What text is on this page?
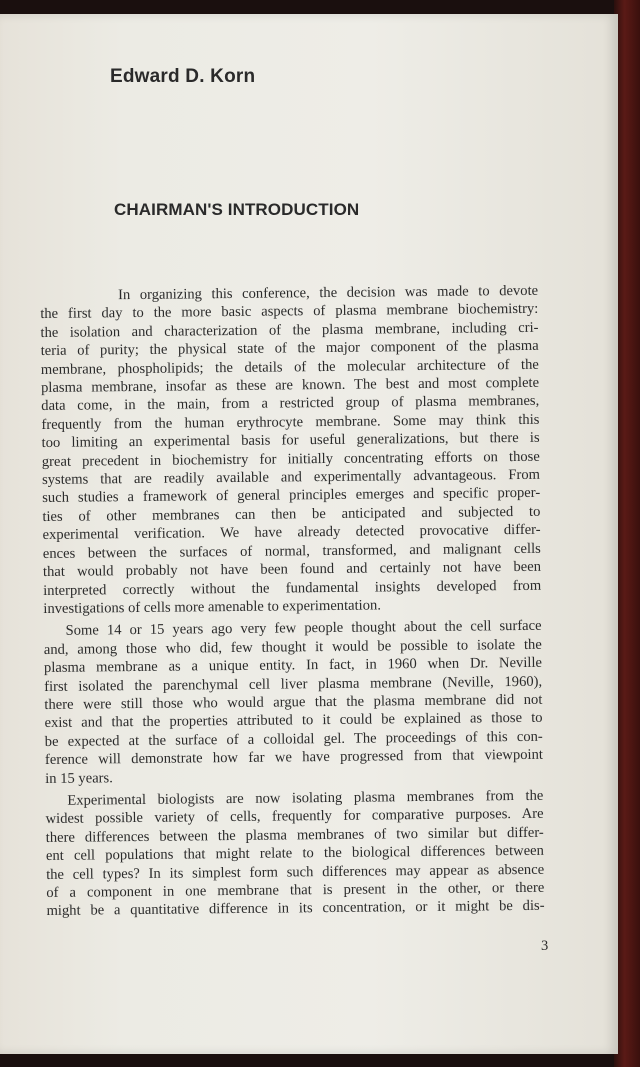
Edward D. Korn
CHAIRMAN'S INTRODUCTION
In organizing this conference, the decision was made to devote
the first day to the more basic aspects of plasma membrane biochemistry:
the isolation and characterization of the plasma membrane, including cri-
teria of purity; the physical state of the major component of the plasma
membrane, phospholipids; the details of the molecular architecture of the
plasma membrane, insofar as these are known. The best and most complete
data come, in the main, from a restricted group of plasma membranes,
frequently from the human erythrocyte membrane. Some may think this
too limiting an experimental basis for useful generalizations, but there is
great precedent in biochemistry for initially concentrating efforts on those
systems that are readily available and experimentally advantageous. From
such studies a framework of general principles emerges and specific proper-
ties of other membranes can then be anticipated and subjected to
experimental verification. We have already detected provocative differ-
ences between the surfaces of normal, transformed, and malignant cells
that would probably not have been found and certainly not have been
interpreted correctly without the fundamental insights developed from
investigations of cells more amenable to experimentation.
Some 14 or 15 years ago very few people thought about the cell surface
and, among those who did, few thought it would be possible to isolate the
plasma membrane as a unique entity. In fact, in 1960 when Dr. Neville
first isolated the parenchymal cell liver plasma membrane (Neville, 1960),
there were still those who would argue that the plasma membrane did not
exist and that the properties attributed to it could be explained as those to
be expected at the surface of a colloidal gel. The proceedings of this con-
ference will demonstrate how far we have progressed from that viewpoint
in 15 years.
Experimental biologists are now isolating plasma membranes from the
widest possible variety of cells, frequently for comparative purposes. Are
there differences between the plasma membranes of two similar but differ-
ent cell populations that might relate to the biological differences between
the cell types? In its simplest form such differences may appear as absence
of a component in one membrane that is present in the other, or there
might be a quantitative difference in its concentration, or it might be dis-
3
